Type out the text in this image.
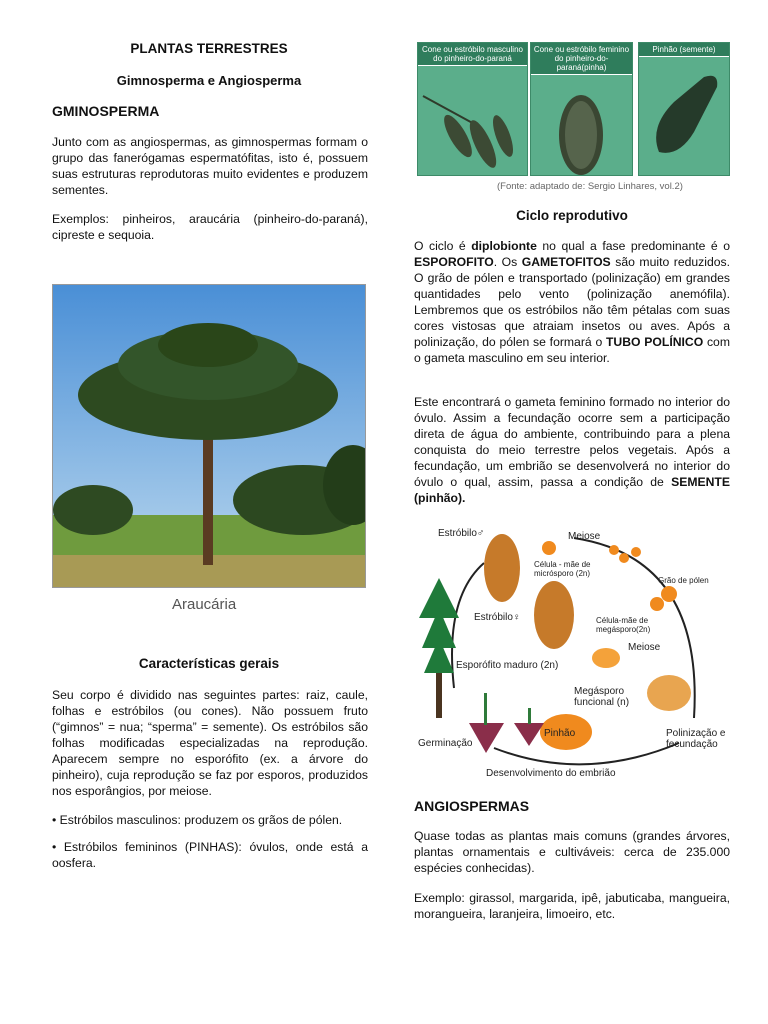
PLANTAS TERRESTRES
Gimnosperma e Angiosperma
GMINOSPERMA

Junto com as angiospermas, as gimnospermas formam o grupo das fanerógamas espermatófitas, isto é, possuem suas estruturas reprodutoras muito evidentes e produzem sementes.

Exemplos: pinheiros, araucária (pinheiro-do-paraná), cipreste e sequoia.

Araucária
Características gerais

Seu corpo é dividido nas seguintes partes: raiz, caule, folhas e estróbilos (ou cones). Não possuem fruto (“gimnos” = nua; “sperma” = semente). Os estróbilos são folhas modificadas especializadas na reprodução. Aparecem sempre no esporófito (ex. a árvore do pinheiro), cuja reprodução se faz por esporos, produzidos nos esporângios, por meiose.

• Estróbilos masculinos: produzem os grãos de pólen.

• Estróbilos femininos (PINHAS): óvulos, onde está a oosfera.

Cone ou estróbilo masculino do pinheiro-do-paraná
Cone ou estróbilo feminino do pinheiro-do-paraná(pinha)
Pinhão (semente)
(Fonte: adaptado de: Sergio Linhares, vol.2)
Ciclo reprodutivo

O ciclo é diplobionte no qual a fase predominante é o ESPOROFITO. Os GAMETOFITOS são muito reduzidos. O grão de pólen e transportado (polinização) em grandes quantidades pelo vento (polinização anemófila). Lembremos que os estróbilos não têm pétalas com suas cores vistosas que atraiam insetos ou aves. Após a polinização, do pólen se formará o TUBO POLÍNICO com o gameta masculino em seu interior.

Este encontrará o gameta feminino formado no interior do óvulo. Assim a fecundação ocorre sem a participação direta de água do ambiente, contribuindo para a plena conquista do meio terrestre pelos vegetais. Após a fecundação, um embrião se desenvolverá no interior do óvulo o qual, assim, passa a condição de SEMENTE (pinhão).

Estróbilo♂	Meiose
Célula - mãe de micrósporo (2n)
Grão de pólen
Estróbilo♀	Célula-mãe de megásporo(2n)
Meiose
Esporófito maduro (2n)
Megásporo funcional (n)
Germinação
Pinhão	Polinização e fecundação
Desenvolvimento do embrião
ANGIOSPERMAS

Quase todas as plantas mais comuns (grandes árvores, plantas ornamentais e cultiváveis: cerca de 235.000 espécies conhecidas).

Exemplo: girassol, margarida, ipê, jabuticaba, mangueira, morangueira, laranjeira, limoeiro, etc.
